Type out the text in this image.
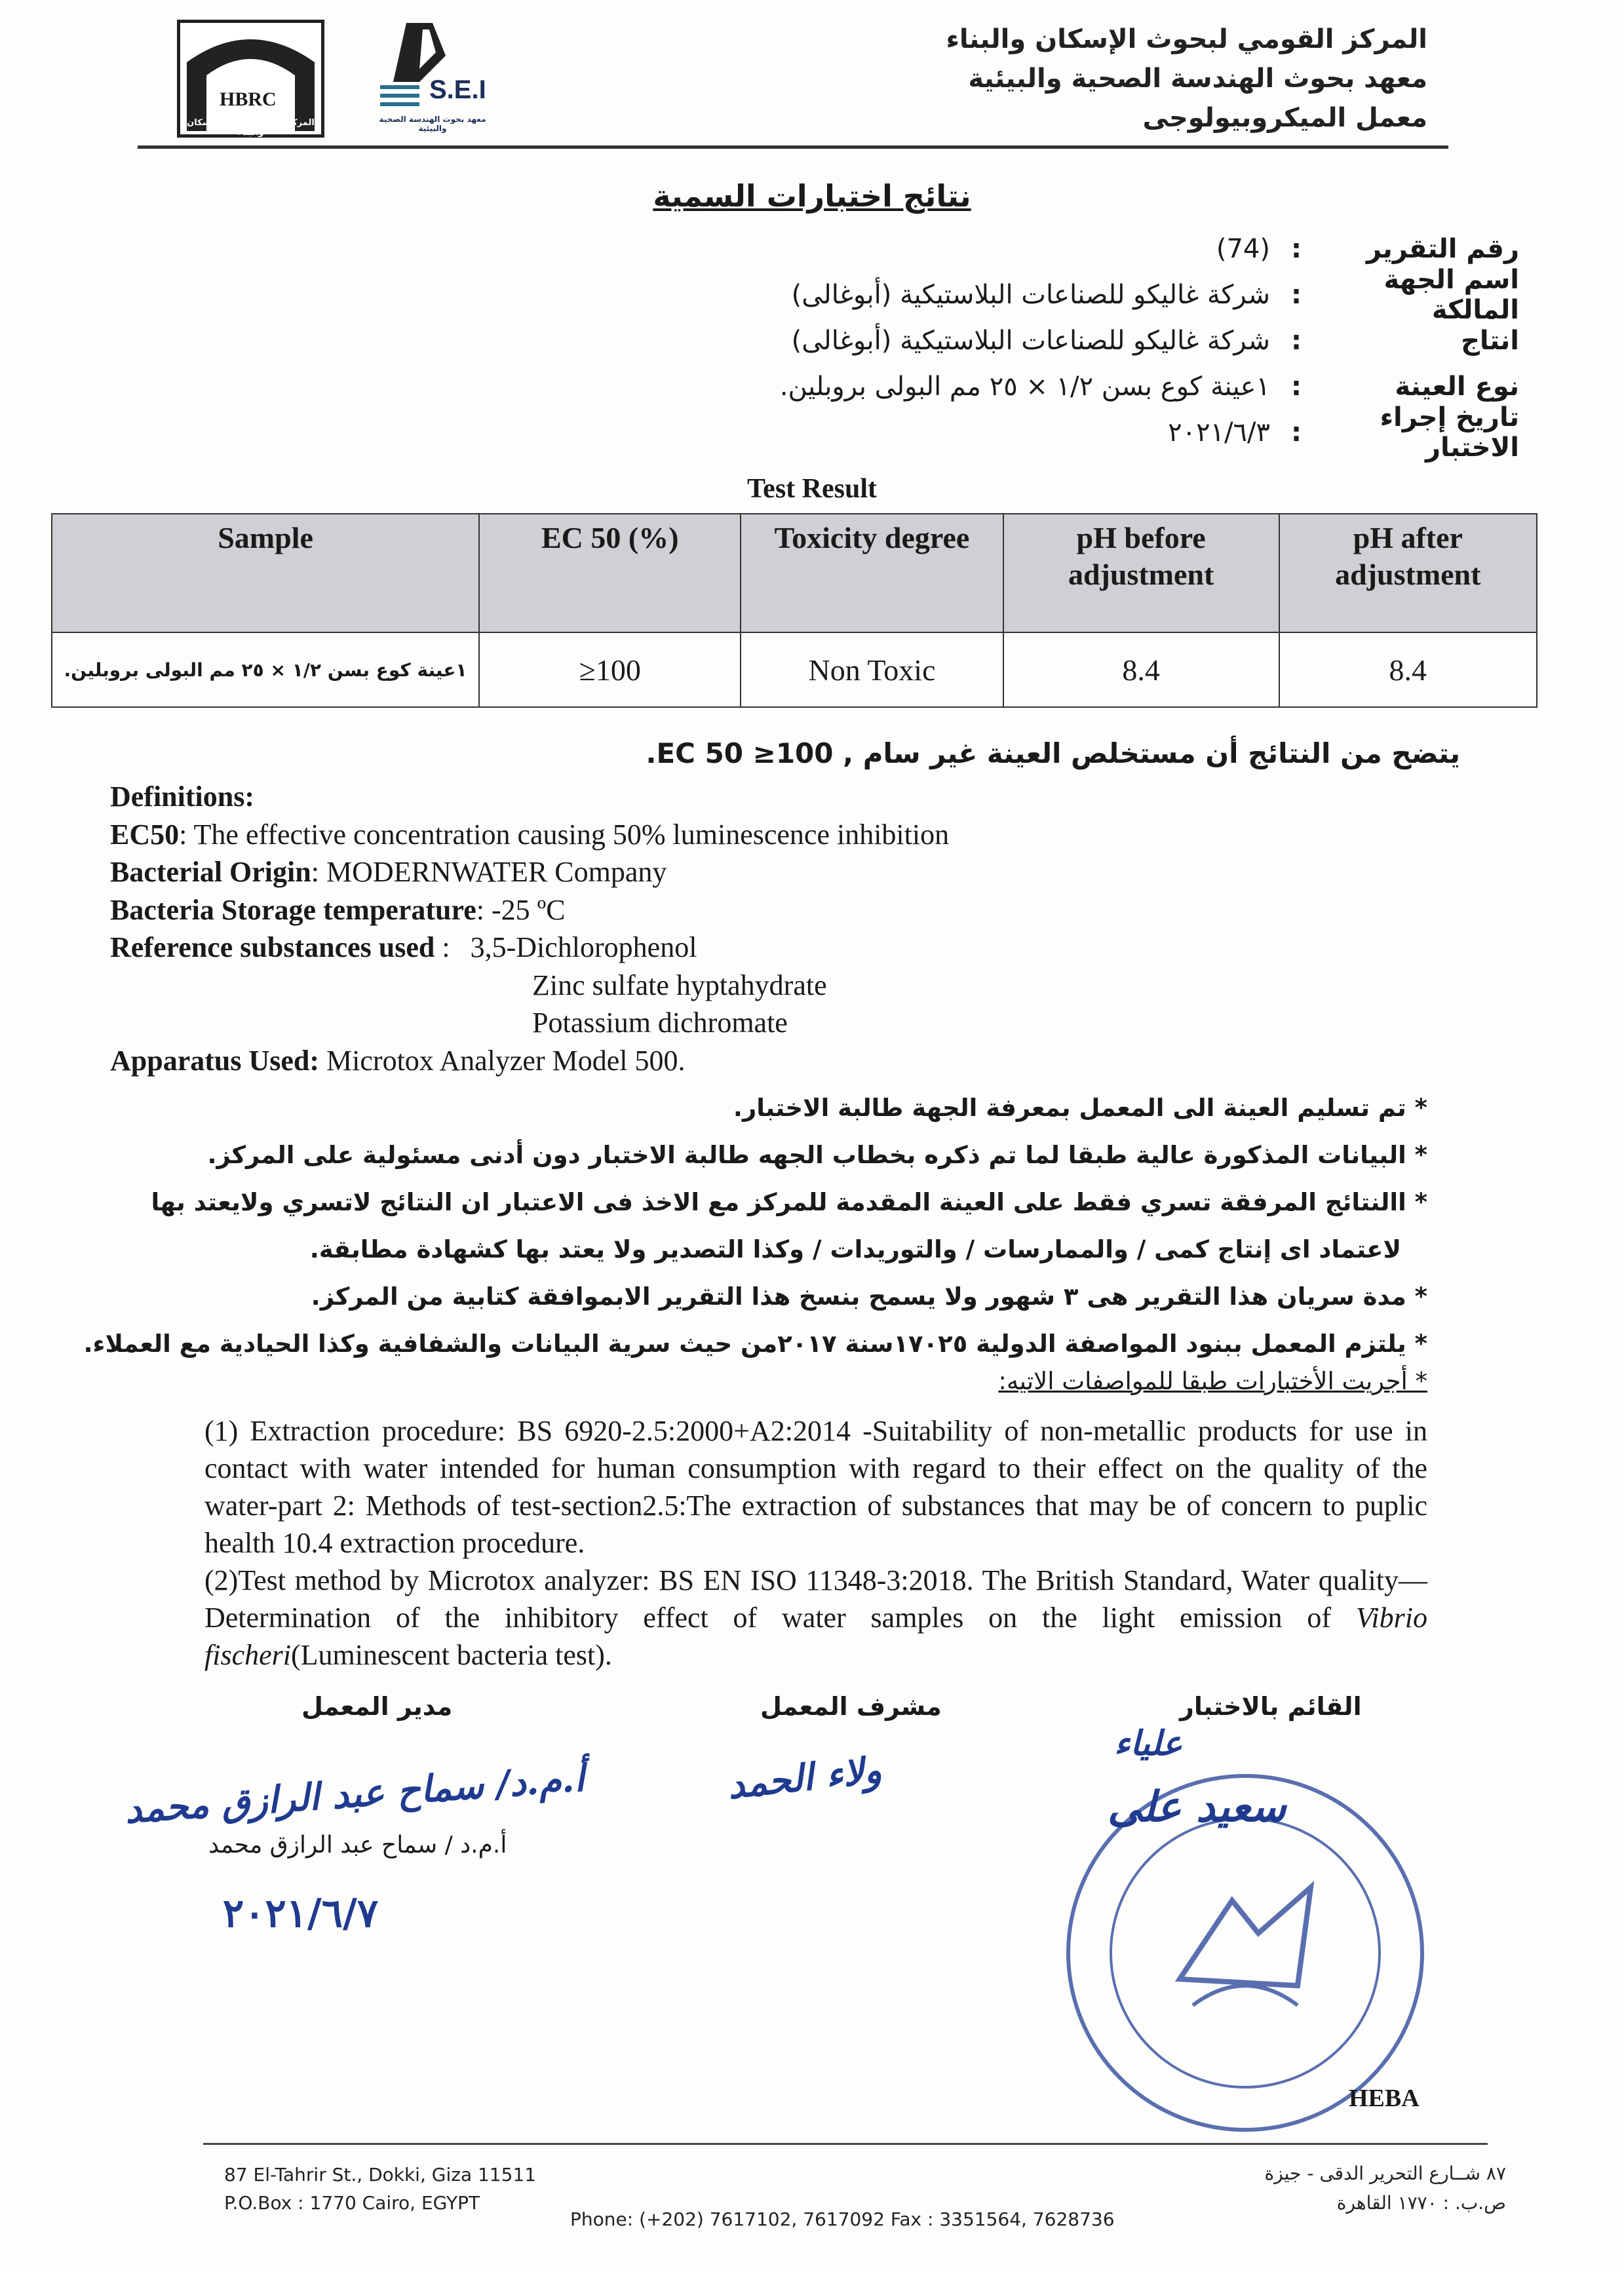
HBRC
المركز القومي لبحوث الإسكان والبناء
S.E.I
معهد بحوث الهندسة الصحية والبيئية
المركز القومي لبحوث الإسكان والبناء
معهد بحوث الهندسة الصحية والبيئية
معمل الميكروبيولوجى
نتائج اختبارات السمية
رقم التقرير
:
(74)
اسم الجهة المالكة
:
شركة غاليكو للصناعات البلاستيكية (أبوغالى)
انتاج
:
شركة غاليكو للصناعات البلاستيكية (أبوغالى)
نوع العينة
:
١عينة كوع بسن ١/٢ × ٢٥ مم البولى بروبلين.
تاريخ إجراء الاختبار
:
٢٠٢١/٦/٣
Test Result
Sample	EC 50 (%)	Toxicity degree	pH before adjustment	pH after adjustment
١عينة كوع بسن ١/٢ × ٢٥ مم البولى بروبلين.	≥100	Non Toxic	8.4	8.4
يتضح من النتائج أن مستخلص العينة غير سام , EC 50 ≥100.
Definitions:
EC50: The effective concentration causing 50% luminescence inhibition
Bacterial Origin: MODERNWATER Company
Bacteria Storage temperature: -25 ºC
Reference substances used : 3,5-Dichlorophenol
Zinc sulfate hyptahydrate
Potassium dichromate
Apparatus Used: Microtox Analyzer Model 500.
* تم تسليم العينة الى المعمل بمعرفة الجهة طالبة الاختبار.
* البيانات المذكورة عالية طبقا لما تم ذكره بخطاب الجهه طالبة الاختبار دون أدنى مسئولية على المركز.
* االنتائج المرفقة تسري فقط على العينة المقدمة للمركز مع الاخذ فى الاعتبار ان النتائج لاتسري ولايعتد بها
لاعتماد اى إنتاج كمى / والممارسات / والتوريدات / وكذا التصدير ولا يعتد بها كشهادة مطابقة.
* مدة سريان هذا التقرير هى ٣ شهور ولا يسمح بنسخ هذا التقرير الابموافقة كتابية من المركز.
* يلتزم المعمل ببنود المواصفة الدولية ١٧٠٢٥سنة ٢٠١٧من حيث سرية البيانات والشفافية وكذا الحيادية مع العملاء.
* أجريت الأختبارات طبقا للمواصفات الاتيه:
(1) Extraction procedure: BS 6920-2.5:2000+A2:2014 -Suitability of non-metallic products for use in contact with water intended for human consumption with regard to their effect on the quality of the water-part 2: Methods of test-section2.5:The extraction of substances that may be of concern to puplic health 10.4 extraction procedure.
(2)Test method by Microtox analyzer: BS EN ISO 11348-3:2018. The British Standard, Water quality— Determination of the inhibitory effect of water samples on the light emission of Vibrio fischeri(Luminescent bacteria test).
مدير المعمل	مشرف المعمل	القائم بالاختبار
أ.م.د/ سماح عبد الرازق محمد
أ.م.د / سماح عبد الرازق محمد
٢٠٢١/٦/٧
ولاء الحمد
علياء
سعيد على
HEBA
87 El-Tahrir St., Dokki, Giza 11511
P.O.Box : 1770 Cairo, EGYPT
Phone: (+202) 7617102, 7617092 Fax : 3351564, 7628736
٨٧ شــارع التحرير الدقى - جيزة
ص.ب. : ١٧٧٠ القاهرة
